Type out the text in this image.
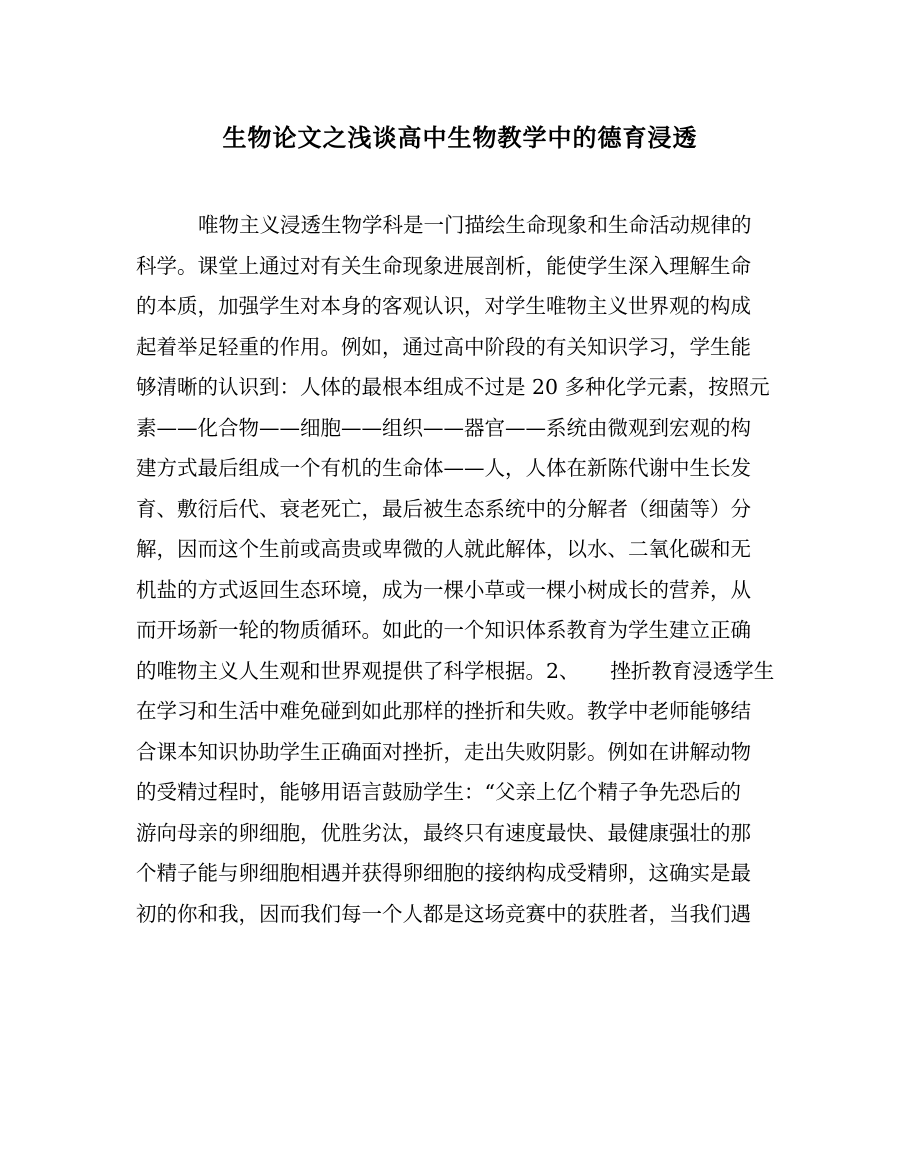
生物论文之浅谈高中生物教学中的德育浸透
唯物主义浸透生物学科是一门描绘生命现象和生命活动规律的
科学。课堂上通过对有关生命现象进展剖析，能使学生深入理解生命
的本质，加强学生对本身的客观认识，对学生唯物主义世界观的构成
起着举足轻重的作用。例如，通过高中阶段的有关知识学习，学生能
够清晰的认识到：人体的最根本组成不过是 20 多种化学元素，按照元
素——化合物——细胞——组织——器官——系统由微观到宏观的构
建方式最后组成一个有机的生命体——人，人体在新陈代谢中生长发
育、敷衍后代、衰老死亡，最后被生态系统中的分解者（细菌等）分
解，因而这个生前或高贵或卑微的人就此解体，以水、二氧化碳和无
机盐的方式返回生态环境，成为一棵小草或一棵小树成长的营养，从
而开场新一轮的物质循环。如此的一个知识体系教育为学生建立正确
的唯物主义人生观和世界观提供了科学根据。2、　　挫折教育浸透学生
在学习和生活中难免碰到如此那样的挫折和失败。教学中老师能够结
合课本知识协助学生正确面对挫折，走出失败阴影。例如在讲解动物
的受精过程时，能够用语言鼓励学生：“父亲上亿个精子争先恐后的
游向母亲的卵细胞，优胜劣汰，最终只有速度最快、最健康强壮的那
个精子能与卵细胞相遇并获得卵细胞的接纳构成受精卵，这确实是最
初的你和我，因而我们每一个人都是这场竞赛中的获胜者，当我们遇
